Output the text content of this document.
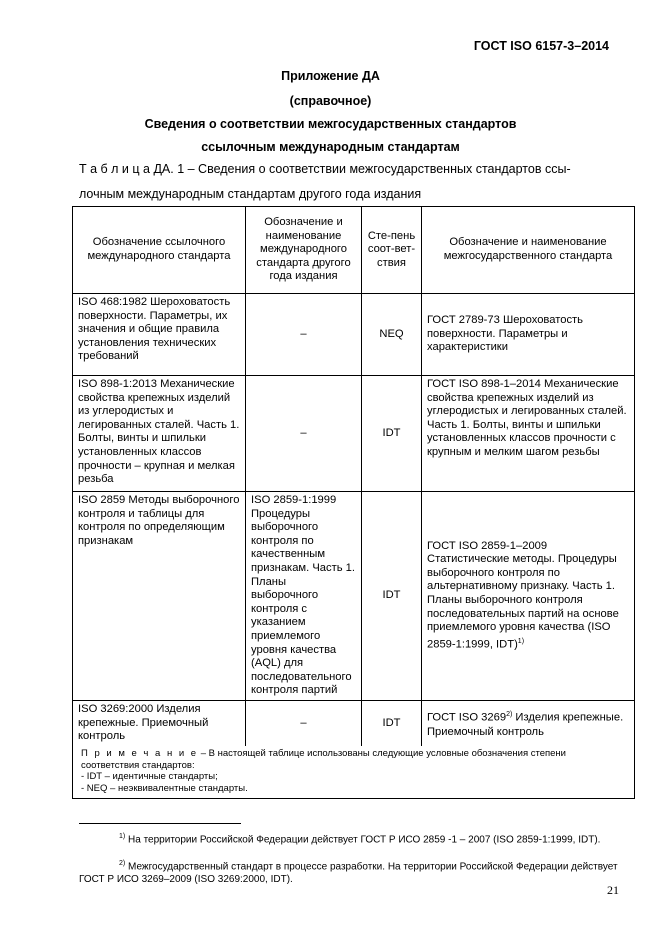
ГОСТ ISO 6157-3–2014
Приложение ДА
(справочное)
Сведения о соответствии межгосударственных стандартов
ссылочным международным стандартам
Т а б л и ц а ДА. 1 – Сведения о соответствии межгосударственных стандартов ссы-
лочным международным стандартам другого года издания
Обозначение ссылочного международного стандарта	Обозначение и наименование международного стандарта другого года издания	Сте-пень соот-вет-ствия	Обозначение и наименование межгосударственного стандарта
ISO 468:1982 Шероховатость поверхности. Параметры, их значения и общие правила установления технических требований	–	NEQ	ГОСТ 2789-73 Шероховатость поверхности. Параметры и характеристики
ISO 898-1:2013 Механические свойства крепежных изделий из углеродистых и легированных сталей. Часть 1. Болты, винты и шпильки установленных классов прочности – крупная и мелкая резьба	–	IDT	ГОСТ ISO 898-1–2014 Механические свойства крепежных изделий из углеродистых и легированных сталей. Часть 1. Болты, винты и шпильки установленных классов прочности с крупным и мелким шагом резьбы
ISO 2859 Методы выборочного контроля и таблицы для контроля по определяющим признакам	ISO 2859-1:1999 Процедуры выборочного контроля по качественным признакам. Часть 1. Планы выборочного контроля с указанием приемлемого уровня качества (AQL) для последовательного контроля партий	IDT	ГОСТ ISO 2859-1–2009 Статистические методы. Процедуры выборочного контроля по альтернативному признаку. Часть 1. Планы выборочного контроля последовательных партий на основе приемлемого уровня качества (ISO 2859-1:1999, IDT)$^{1)}$
ISO 3269:2000 Изделия крепежные. Приемочный контроль	–	IDT	ГОСТ ISO 3269$^{2)}$ Изделия крепежные. Приемочный контроль

П р и м е ч а н и е – В настоящей таблице использованы следующие условные обозначения степени соответствия стандартов:
- IDT – идентичные стандарты;
- NEQ – неэквивалентные стандарты.			
$^{1)}$ На территории Российской Федерации действует ГОСТ Р ИСО 2859 -1 – 2007 (ISO 2859-1:1999, IDT).
$^{2)}$ Межгосударственный стандарт в процессе разработки. На территории Российской Федерации действует ГОСТ Р ИСО 3269–2009 (ISO 3269:2000, IDT).
21
